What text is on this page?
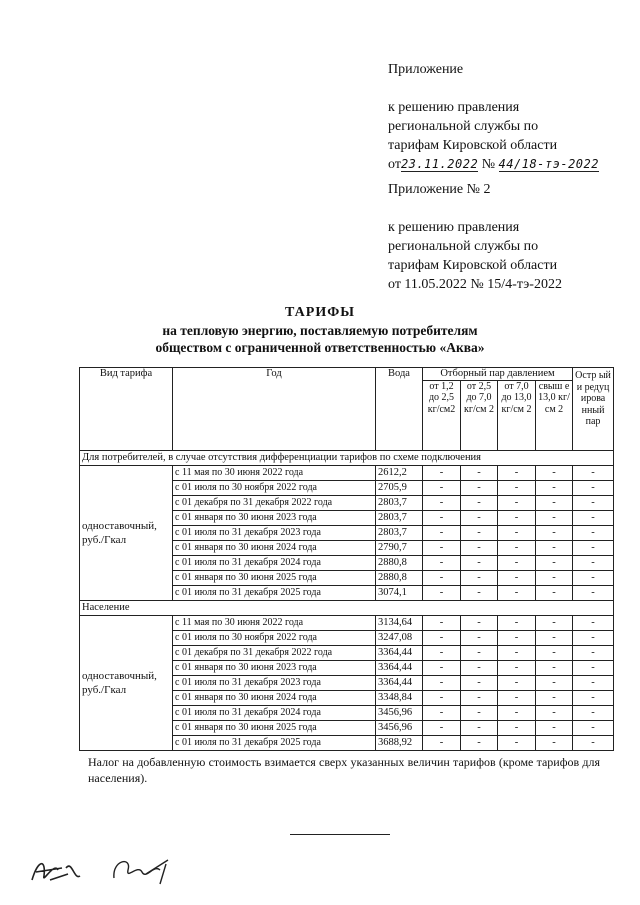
Приложение
к решению правления
региональной службы по
тарифам Кировской области
от23.11.2022 № 44/18-тэ-2022
Приложение № 2
к решению правления
региональной службы по
тарифам Кировской области
от 11.05.2022 № 15/4-тэ-2022
ТАРИФЫ
на тепловую энергию, поставляемую потребителям
обществом с ограниченной ответственностью «Аква»
Вид тарифа	Год	Вода	Отборный пар давлением				Остр ый и редуц ирова нный пар
			от 1,2 до 2,5 кг/см2	от 2,5 до 7,0 кг/см 2	от 7,0 до 13,0 кг/см 2	свыш е 13,0 кг/см 2	
Для потребителей, в случае отсутствия дифференциации тарифов по схеме подключения							
одноставочный, руб./Гкал	с 11 мая по 30 июня 2022 года	2612,2	-	-	-	-	-
	с 01 июля по 30 ноября 2022 года	2705,9	-	-	-	-	-
	с 01 декабря по 31 декабря 2022 года	2803,7	-	-	-	-	-
	с 01 января по 30 июня 2023 года	2803,7	-	-	-	-	-
	с 01 июля по 31 декабря 2023 года	2803,7	-	-	-	-	-
	с 01 января по 30 июня 2024 года	2790,7	-	-	-	-	-
	с 01 июля по 31 декабря 2024 года	2880,8	-	-	-	-	-
	с 01 января по 30 июня 2025 года	2880,8	-	-	-	-	-
	с 01 июля по 31 декабря 2025 года	3074,1	-	-	-	-	-
Население							
одноставочный, руб./Гкал	с 11 мая по 30 июня 2022 года	3134,64	-	-	-	-	-
	с 01 июля по 30 ноября 2022 года	3247,08	-	-	-	-	-
	с 01 декабря по 31 декабря 2022 года	3364,44	-	-	-	-	-
	с 01 января по 30 июня 2023 года	3364,44	-	-	-	-	-
	с 01 июля по 31 декабря 2023 года	3364,44	-	-	-	-	-
	с 01 января по 30 июня 2024 года	3348,84	-	-	-	-	-
	с 01 июля по 31 декабря 2024 года	3456,96	-	-	-	-	-
	с 01 января по 30 июня 2025 года	3456,96	-	-	-	-	-
	с 01 июля по 31 декабря 2025 года	3688,92	-	-	-	-	-
Налог на добавленную стоимость взимается сверх указанных величин тарифов (кроме тарифов для населения).
